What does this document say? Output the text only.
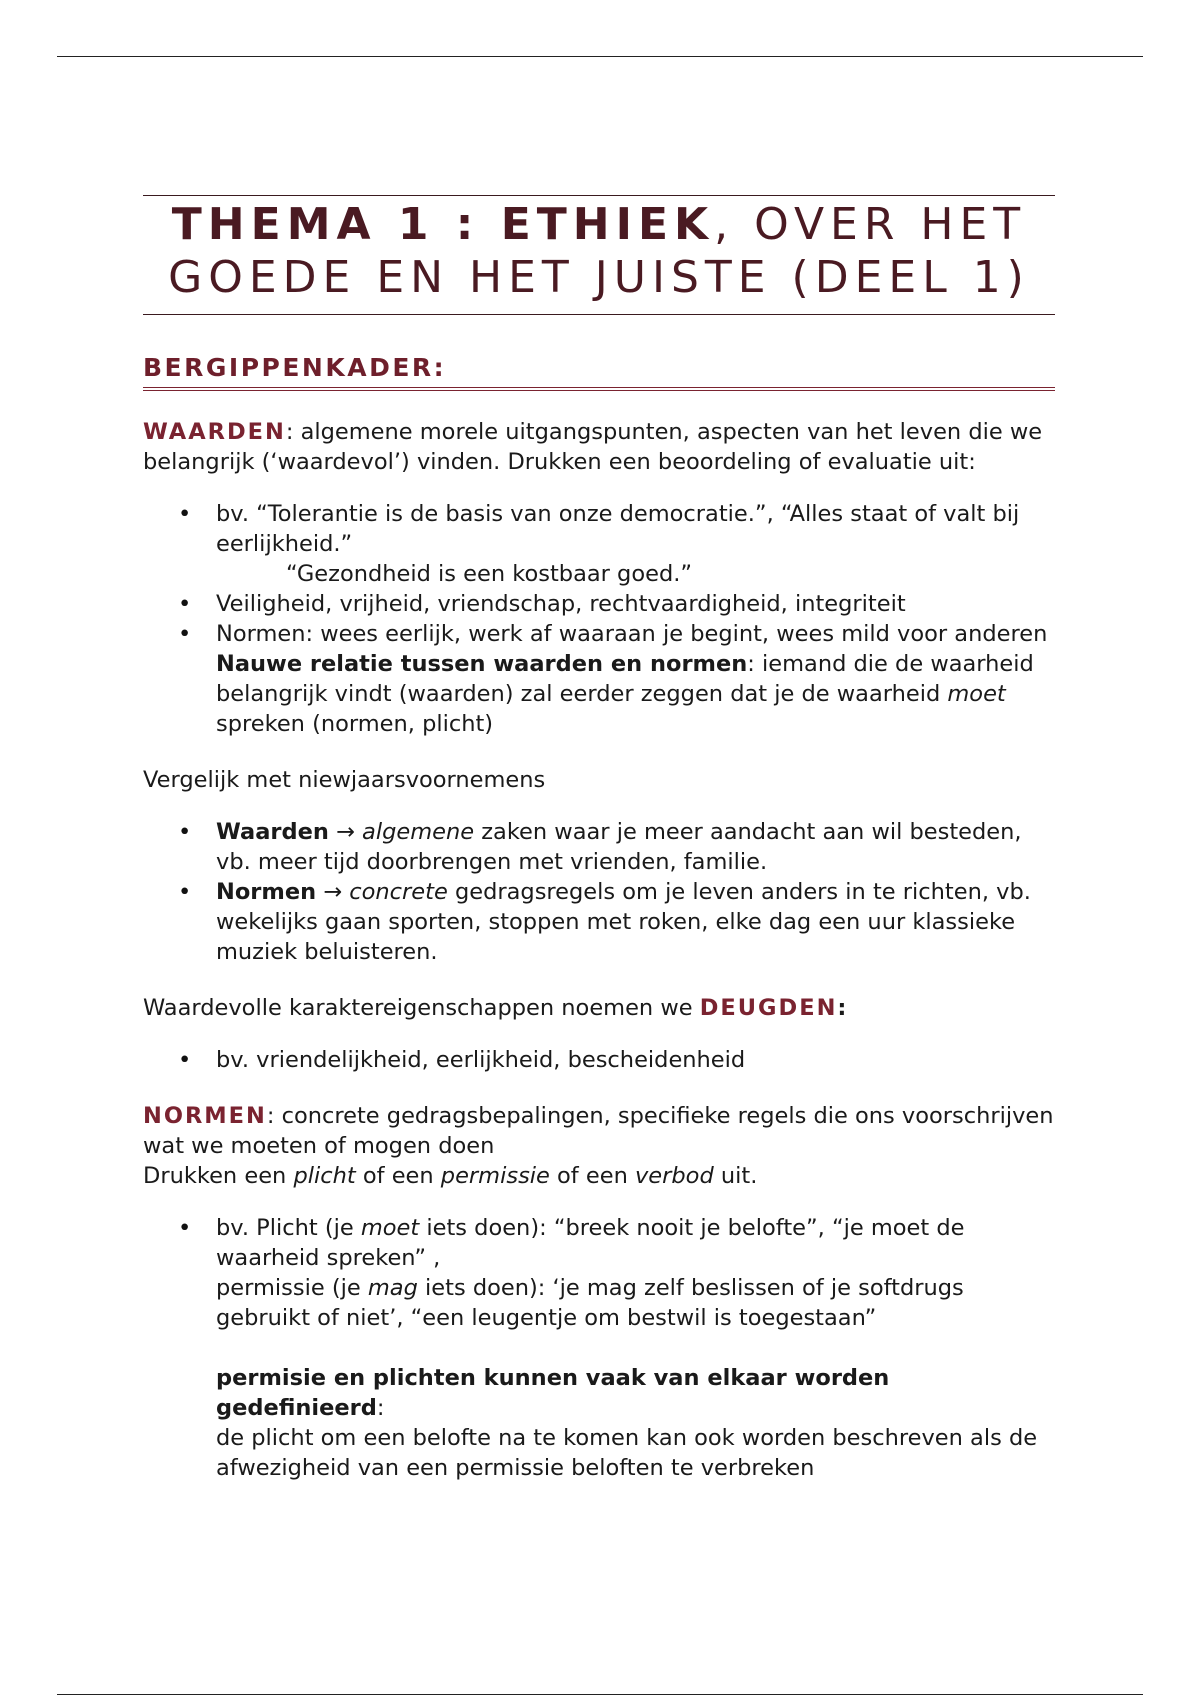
THEMA 1 : ETHIEK, OVER HET GOEDE EN HET JUISTE (DEEL 1)
BERGIPPENKADER:

WAARDEN: algemene morele uitgangspunten, aspecten van het leven die we belangrijk (‘waardevol’) vinden. Drukken een beoordeling of evaluatie uit:

• bv. “Tolerantie is de basis van onze democratie.”, “Alles staat of valt bij eerlijkheid.”
“Gezondheid is een kostbaar goed.”
• Veiligheid, vrijheid, vriendschap, rechtvaardigheid, integriteit
• Normen: wees eerlijk, werk af waaraan je begint, wees mild voor anderen
Nauwe relatie tussen waarden en normen: iemand die de waarheid belangrijk vindt (waarden) zal eerder zeggen dat je de waarheid moet spreken (normen, plicht)

Vergelijk met niewjaarsvoornemens

• Waarden → algemene zaken waar je meer aandacht aan wil besteden, vb. meer tijd doorbrengen met vrienden, familie.
• Normen → concrete gedragsregels om je leven anders in te richten, vb. wekelijks gaan sporten, stoppen met roken, elke dag een uur klassieke muziek beluisteren.

Waardevolle karaktereigenschappen noemen we DEUGDEN:

• bv. vriendelijkheid, eerlijkheid, bescheidenheid

NORMEN: concrete gedragsbepalingen, specifieke regels die ons voorschrijven wat we moeten of mogen doen
Drukken een plicht of een permissie of een verbod uit.

• bv. Plicht (je moet iets doen): “breek nooit je belofte”, “je moet de waarheid spreken” ,
permissie (je mag iets doen): ‘je mag zelf beslissen of je softdrugs gebruikt of niet’, “een leugentje om bestwil is toegestaan”
permisie en plichten kunnen vaak van elkaar worden gedefinieerd:
de plicht om een belofte na te komen kan ook worden beschreven als de afwezigheid van een permissie beloften te verbreken
